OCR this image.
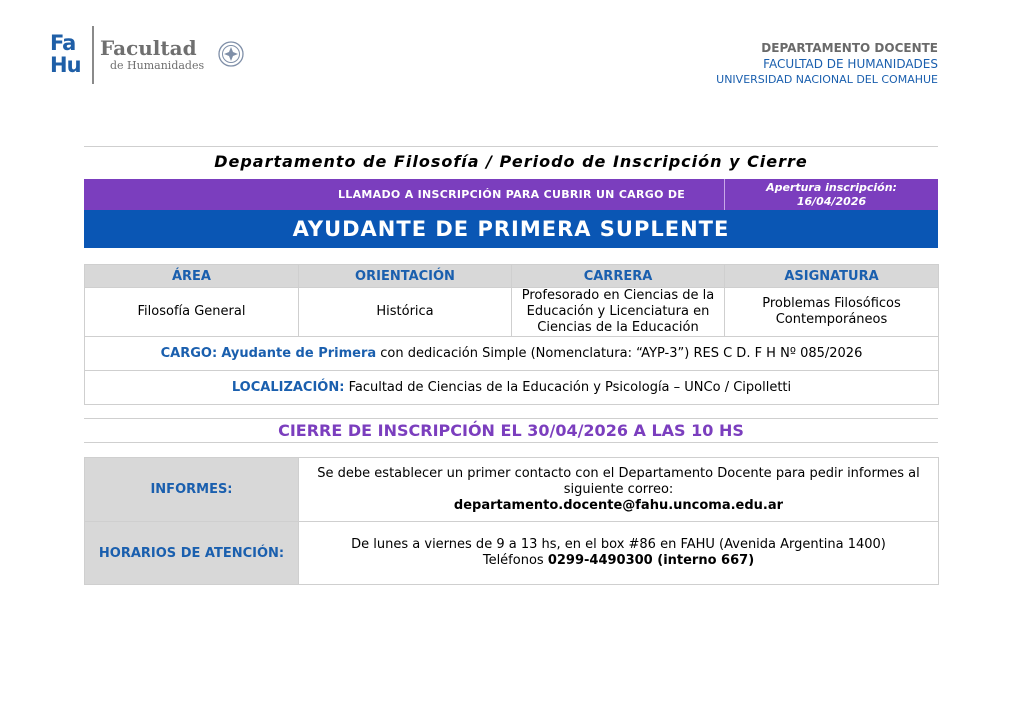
Fa
Hu
Facultad
de Humanidades
DEPARTAMENTO DOCENTE
FACULTAD DE HUMANIDADES
UNIVERSIDAD NACIONAL DEL COMAHUE
Departamento de Filosofía / Periodo de Inscripción y Cierre
LLAMADO A INSCRIPCIÓN PARA CUBRIR UN CARGO DE
Apertura inscripción:
16/04/2026
AYUDANTE DE PRIMERA SUPLENTE
ÁREA	ORIENTACIÓN	CARRERA	ASIGNATURA
Filosofía General	Histórica	Profesorado en Ciencias de la Educación y Licenciatura en Ciencias de la Educación	Problemas Filosóficos Contemporáneos
CARGO: Ayudante de Primera con dedicación Simple (Nomenclatura: “AYP-3”) RES C D. F H Nº 085/2026			
LOCALIZACIÓN: Facultad de Ciencias de la Educación y Psicología – UNCo / Cipolletti			
CIERRE DE INSCRIPCIÓN EL 30/04/2026 A LAS 10 HS
INFORMES:	Se debe establecer un primer contacto con el Departamento Docente para pedir informes al siguiente correo:
departamento.docente@fahu.uncoma.edu.ar

HORARIOS DE ATENCIÓN:	De lunes a viernes de 9 a 13 hs, en el box #86 en FAHU (Avenida Argentina 1400)
Teléfonos 0299-4490300 (interno 667)
